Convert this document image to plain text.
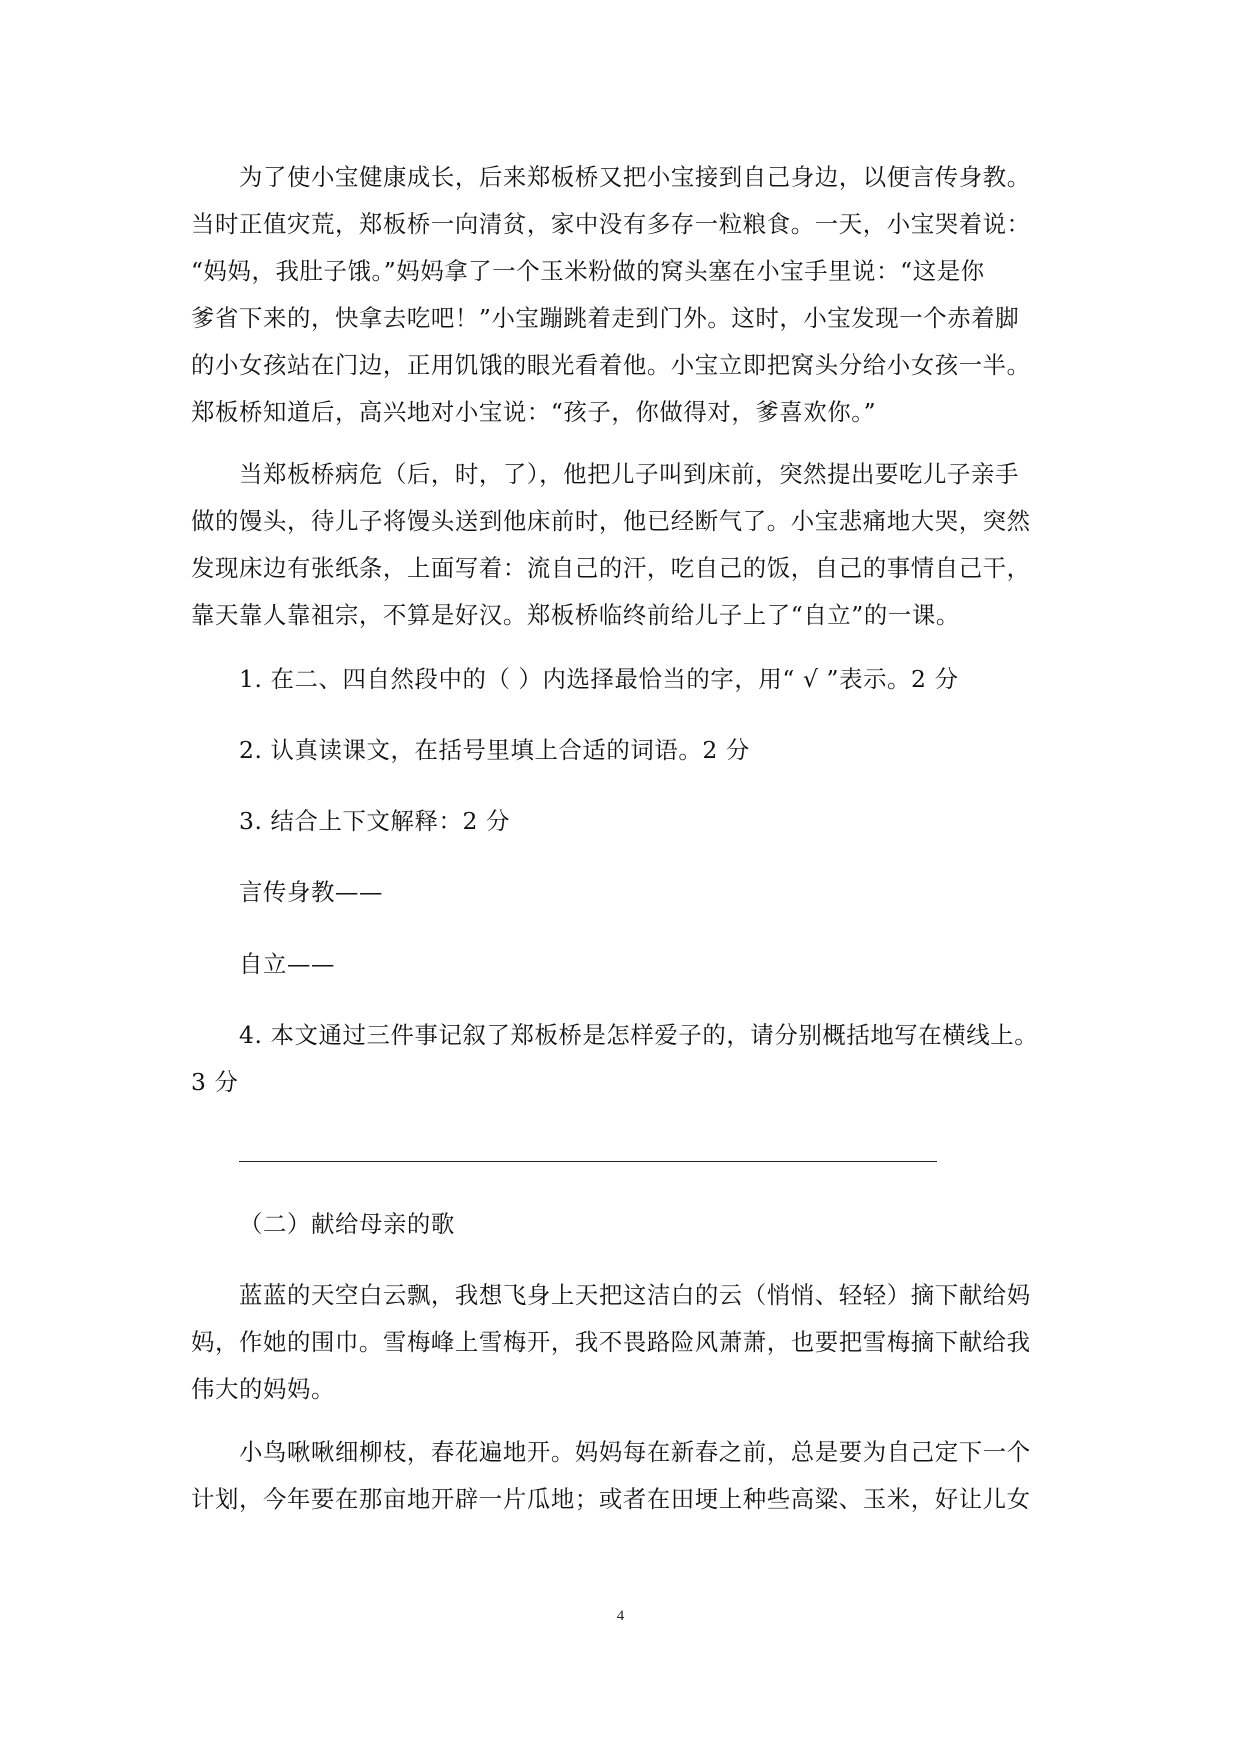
为了使小宝健康成长，后来郑板桥又把小宝接到自己身边，以便言传身教。
当时正值灾荒，郑板桥一向清贫，家中没有多存一粒粮食。一天，小宝哭着说：
“妈妈，我肚子饿。”妈妈拿了一个玉米粉做的窝头塞在小宝手里说：“这是你
爹省下来的，快拿去吃吧！”小宝蹦跳着走到门外。这时，小宝发现一个赤着脚
的小女孩站在门边，正用饥饿的眼光看着他。小宝立即把窝头分给小女孩一半。
郑板桥知道后，高兴地对小宝说：“孩子，你做得对，爹喜欢你。”
当郑板桥病危（后，时，了），他把儿子叫到床前，突然提出要吃儿子亲手
做的馒头，待儿子将馒头送到他床前时，他已经断气了。小宝悲痛地大哭，突然
发现床边有张纸条，上面写着：流自己的汗，吃自己的饭，自己的事情自己干，
靠天靠人靠祖宗，不算是好汉。郑板桥临终前给儿子上了“自立”的一课。
1. 在二、四自然段中的（ ）内选择最恰当的字，用“ √ ”表示。2 分
2. 认真读课文，在括号里填上合适的词语。2 分
3. 结合上下文解释：2 分
言传身教——
自立——
4. 本文通过三件事记叙了郑板桥是怎样爱子的，请分别概括地写在横线上。
3 分
（二）献给母亲的歌
蓝蓝的天空白云飘，我想飞身上天把这洁白的云（悄悄、轻轻）摘下献给妈
妈，作她的围巾。雪梅峰上雪梅开，我不畏路险风萧萧，也要把雪梅摘下献给我
伟大的妈妈。
小鸟啾啾细柳枝，春花遍地开。妈妈每在新春之前，总是要为自己定下一个
计划，今年要在那亩地开辟一片瓜地；或者在田埂上种些高粱、玉米，好让儿女
4
